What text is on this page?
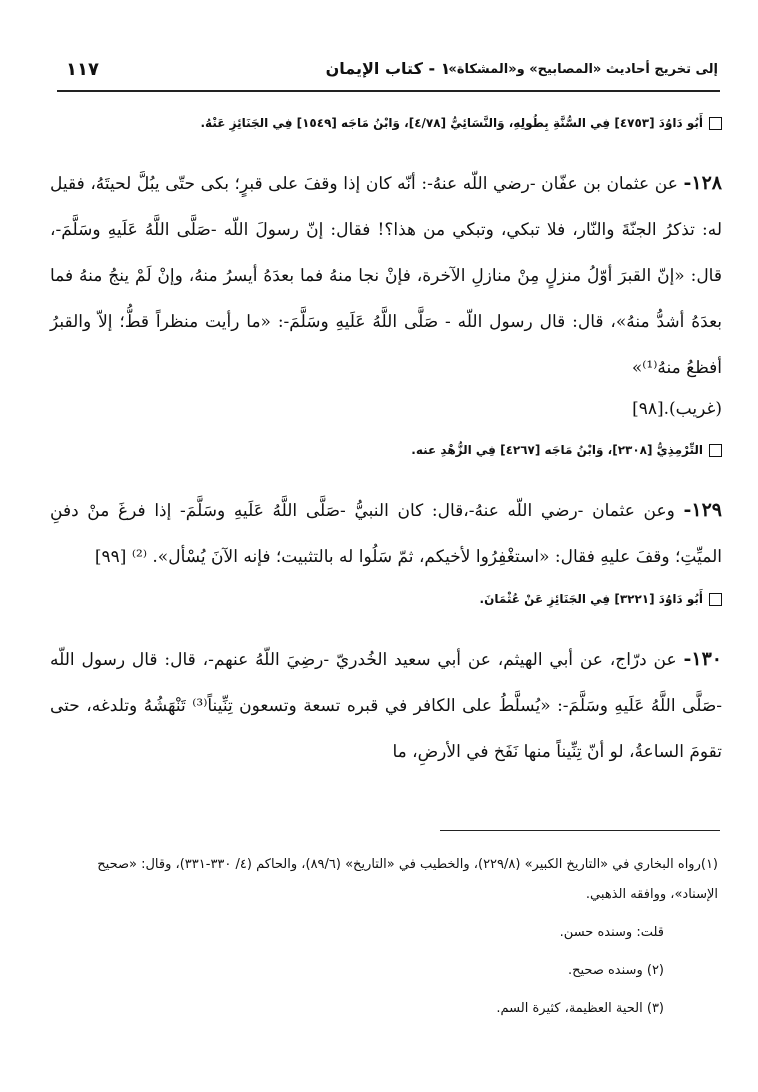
إلى تخريج أحاديث «المصابيح» و«المشكاة»
١ - كتاب الإيمان
١١٧

أَبُو دَاوُدَ [٤٧٥٣] فِي السُّنَّةِ بِطُولِهِ، وَالنَّسَائِيُّ [٤/٧٨]، وَابْنُ مَاجَه [١٥٤٩] فِي الجَنَائِزِ عَنْهُ.

١٢٨- عن عثمان بن عفّان -رضي اللّه عنهُ-: أنّه كان إذا وقفَ على قبرٍ؛ بكى حتّى يبُلَّ لحيتَهُ، فقيل له: تذكرُ الجنّةَ والنّار، فلا تبكي، وتبكي من هذا؟! فقال: إنّ رسولَ اللّه -صَلَّى اللَّهُ عَلَيهِ وسَلَّمَ-، قال: «إنّ القبرَ أوّلُ منزلٍ مِنْ منازلِ الآخرة، فإنْ نجا منهُ فما بعدَهُ أيسرُ منهُ، وإنْ لَمْ ينجُ منهُ فما بعدَهُ أشدُّ منهُ»، قال: قال رسول اللّه - صَلَّى اللَّهُ عَلَيهِ وسَلَّمَ-: «ما رأيت منظراً قطُّ؛ إلاّ والقبرُ أفظعُ منهُ⁽¹⁾»

(غريب).[٩٨]

التِّرْمِذِيُّ [٢٣٠٨]، وَابْنُ مَاجَه [٤٢٦٧] فِي الزُّهْدِ عنه.

١٢٩- وعن عثمان -رضي اللّه عنهُ-،قال: كان النبيُّ -صَلَّى اللَّهُ عَلَيهِ وسَلَّمَ- إذا فرغَ منْ دفنِ الميِّتِ؛ وقفَ عليهِ فقال: «استغْفِرُوا لأخيكم، ثمّ سَلُوا له بالتثبيت؛ فإنه الآنَ يُسْأل». ⁽²⁾ [٩٩]

أَبُو دَاوُدَ [٣٢٢١] فِي الجَنَائِزِ عَنْ عُثْمَانَ.

١٣٠- عن درّاج، عن أبي الهيثم، عن أبي سعيد الخُدريّ -رضِيَ اللّهُ عنهم-، قال: قال رسول اللّه -صَلَّى اللَّهُ عَلَيهِ وسَلَّمَ-: «يُسلَّطُ على الكافر في قبره تسعة وتسعون تِنِّيناً⁽³⁾ تَنْهَشُهُ وتلدغه، حتى تقومَ الساعةُ، لو أنّ تِنِّيناً منها نَفَخ في الأرضِ، ما

(١)رواه البخاري في «التاريخ الكبير» (٢٢٩/٨)، والخطيب في «التاريخ» (٨٩/٦)، والحاكم (٤/ ٣٣٠-٣٣١)، وقال: «صحيح الإسناد»، ووافقه الذهبي.

قلت: وسنده حسن.

(٢) وسنده صحيح.

(٣) الحية العظيمة، كثيرة السم.
